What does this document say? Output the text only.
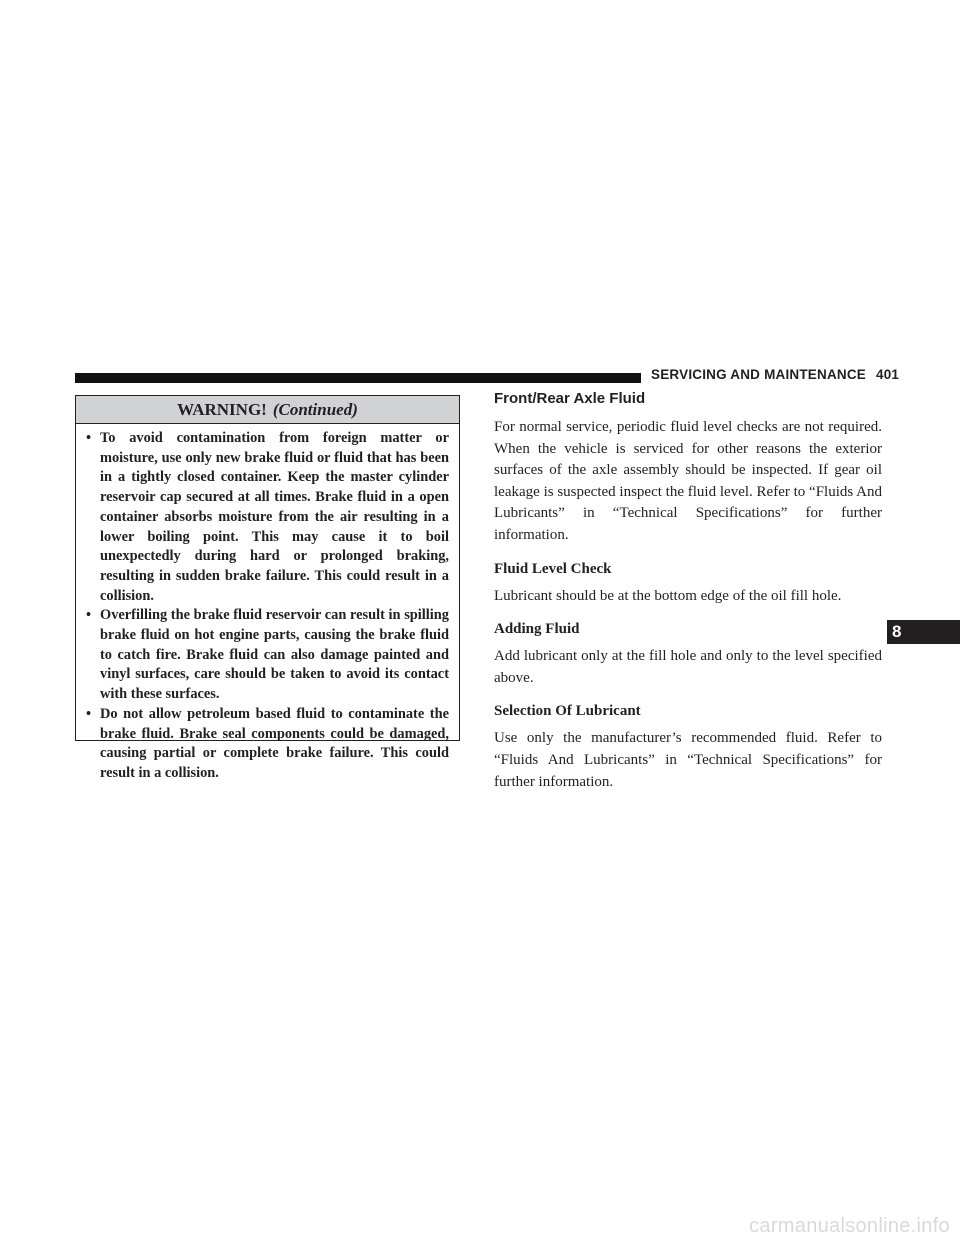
SERVICING AND MAINTENANCE 401
WARNING! (Continued)
• To avoid contamination from foreign matter or moisture, use only new brake fluid or fluid that has been in a tightly closed container. Keep the master cylinder reservoir cap secured at all times. Brake fluid in a open container absorbs moisture from the air resulting in a lower boiling point. This may cause it to boil unexpectedly during hard or prolonged braking, resulting in sudden brake failure. This could result in a collision.
• Overfilling the brake fluid reservoir can result in spilling brake fluid on hot engine parts, causing the brake fluid to catch fire. Brake fluid can also damage painted and vinyl surfaces, care should be taken to avoid its contact with these surfaces.
• Do not allow petroleum based fluid to contaminate the brake fluid. Brake seal components could be damaged, causing partial or complete brake failure. This could result in a collision.
Front/Rear Axle Fluid

For normal service, periodic fluid level checks are not required. When the vehicle is serviced for other reasons the exterior surfaces of the axle assembly should be inspected. If gear oil leakage is suspected inspect the fluid level. Refer to “Fluids And Lubricants” in “Technical Specifications” for further information.

Fluid Level Check

Lubricant should be at the bottom edge of the oil fill hole.

Adding Fluid

Add lubricant only at the fill hole and only to the level specified above.

Selection Of Lubricant

Use only the manufacturer’s recommended fluid. Refer to “Fluids And Lubricants” in “Technical Specifications” for further information.

8
carmanualsonline.info
